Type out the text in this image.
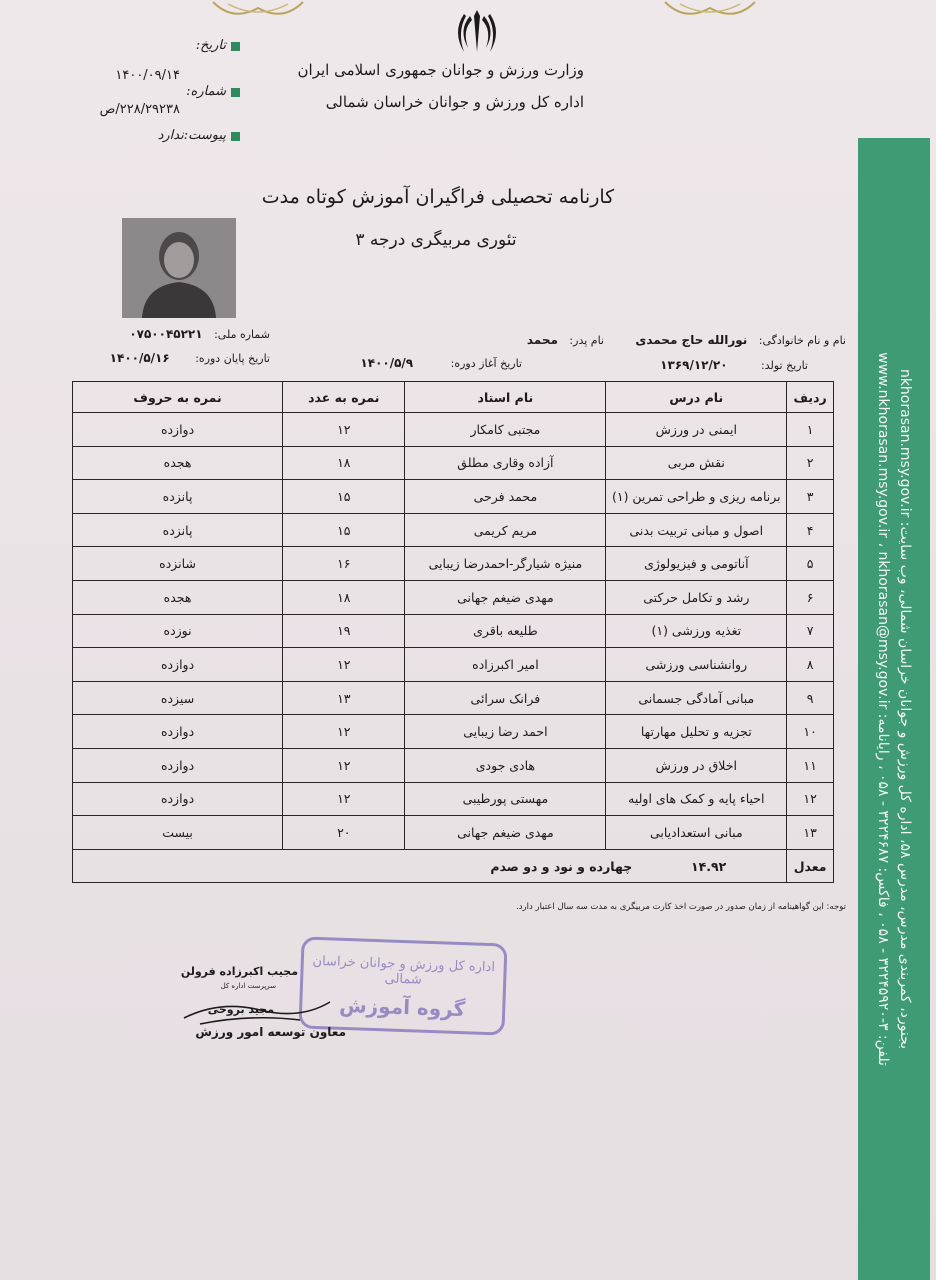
وزارت ورزش و جوانان جمهوری اسلامی ایران
اداره کل ورزش و جوانان خراسان شمالی
تاریخ:
۱۴۰۰/۰۹/۱۴
شماره:
۲۲۸/۲۹۲۳۸/ص
پیوست:ندارد
کارنامه تحصیلی فراگیران آموزش کوتاه مدت
تئوری مربیگری درجه ۳
نام و نام خانوادگی: نورالله حاج محمدی
نام پدر: محمد
شماره ملی: ۰۷۵۰۰۴۵۲۲۱
تاریخ تولد: ۱۳۶۹/۱۲/۲۰
تاریخ آغاز دوره: ۱۴۰۰/۵/۹
تاریخ پایان دوره: ۱۴۰۰/۵/۱۶
ردیف	نام درس	نام استاد	نمره به عدد	نمره به حروف
۱	ایمنی در ورزش	مجتبی کامکار	۱۲	دوازده
۲	نقش مربی	آزاده وقاری مطلق	۱۸	هجده
۳	برنامه ریزی و طراحی تمرین (۱)	محمد فرحی	۱۵	پانزده
۴	اصول و مبانی تربیت بدنی	مریم کریمی	۱۵	پانزده
۵	آناتومی و فیزیولوژی	منیژه شیارگر-احمدرضا زیبایی	۱۶	شانزده
۶	رشد و تکامل حرکتی	مهدی ضیغم جهانی	۱۸	هجده
۷	تغذیه ورزشی (۱)	طلیعه باقری	۱۹	نوزده
۸	روانشناسی ورزشی	امیر اکبرزاده	۱۲	دوازده
۹	مبانی آمادگی جسمانی	فرانک سرائی	۱۳	سیزده
۱۰	تجزیه و تحلیل مهارتها	احمد رضا زیبایی	۱۲	دوازده
۱۱	اخلاق در ورزش	هادی جودی	۱۲	دوازده
۱۲	احیاء پایه و کمک های اولیه	مهستی پورطیبی	۱۲	دوازده
۱۳	مبانی استعدادیابی	مهدی ضیغم جهانی	۲۰	بیست
معدل	۱۴.۹۲  چهارده و نود و دو صدم			
توجه: این گواهینامه از زمان صدور در صورت اخذ کارت مربیگری به مدت سه سال اعتبار دارد.
اداره کل ورزش و جوانان خراسان شمالی
گروه آموزش
مجیب اکبرزاده فرولن
سرپرست اداره کل
مجید بروحی
معاون توسعه امور ورزش
بجنورد، کمربندی مدرس، مدرس ۵۸، اداره کل ورزش و جوانان خراسان شمالی، وب سایت: nkhorasan.msy.gov.ir
تلفن: ۳-۳۲۲۴۵۹۲۰ - ۰۵۸ ، فاکس: ۳۲۲۴۶۸۷ - ۰۵۸ ، رایانامه: www.nkhorasan.msy.gov.ir ، nkhorasan@msy.gov.ir
